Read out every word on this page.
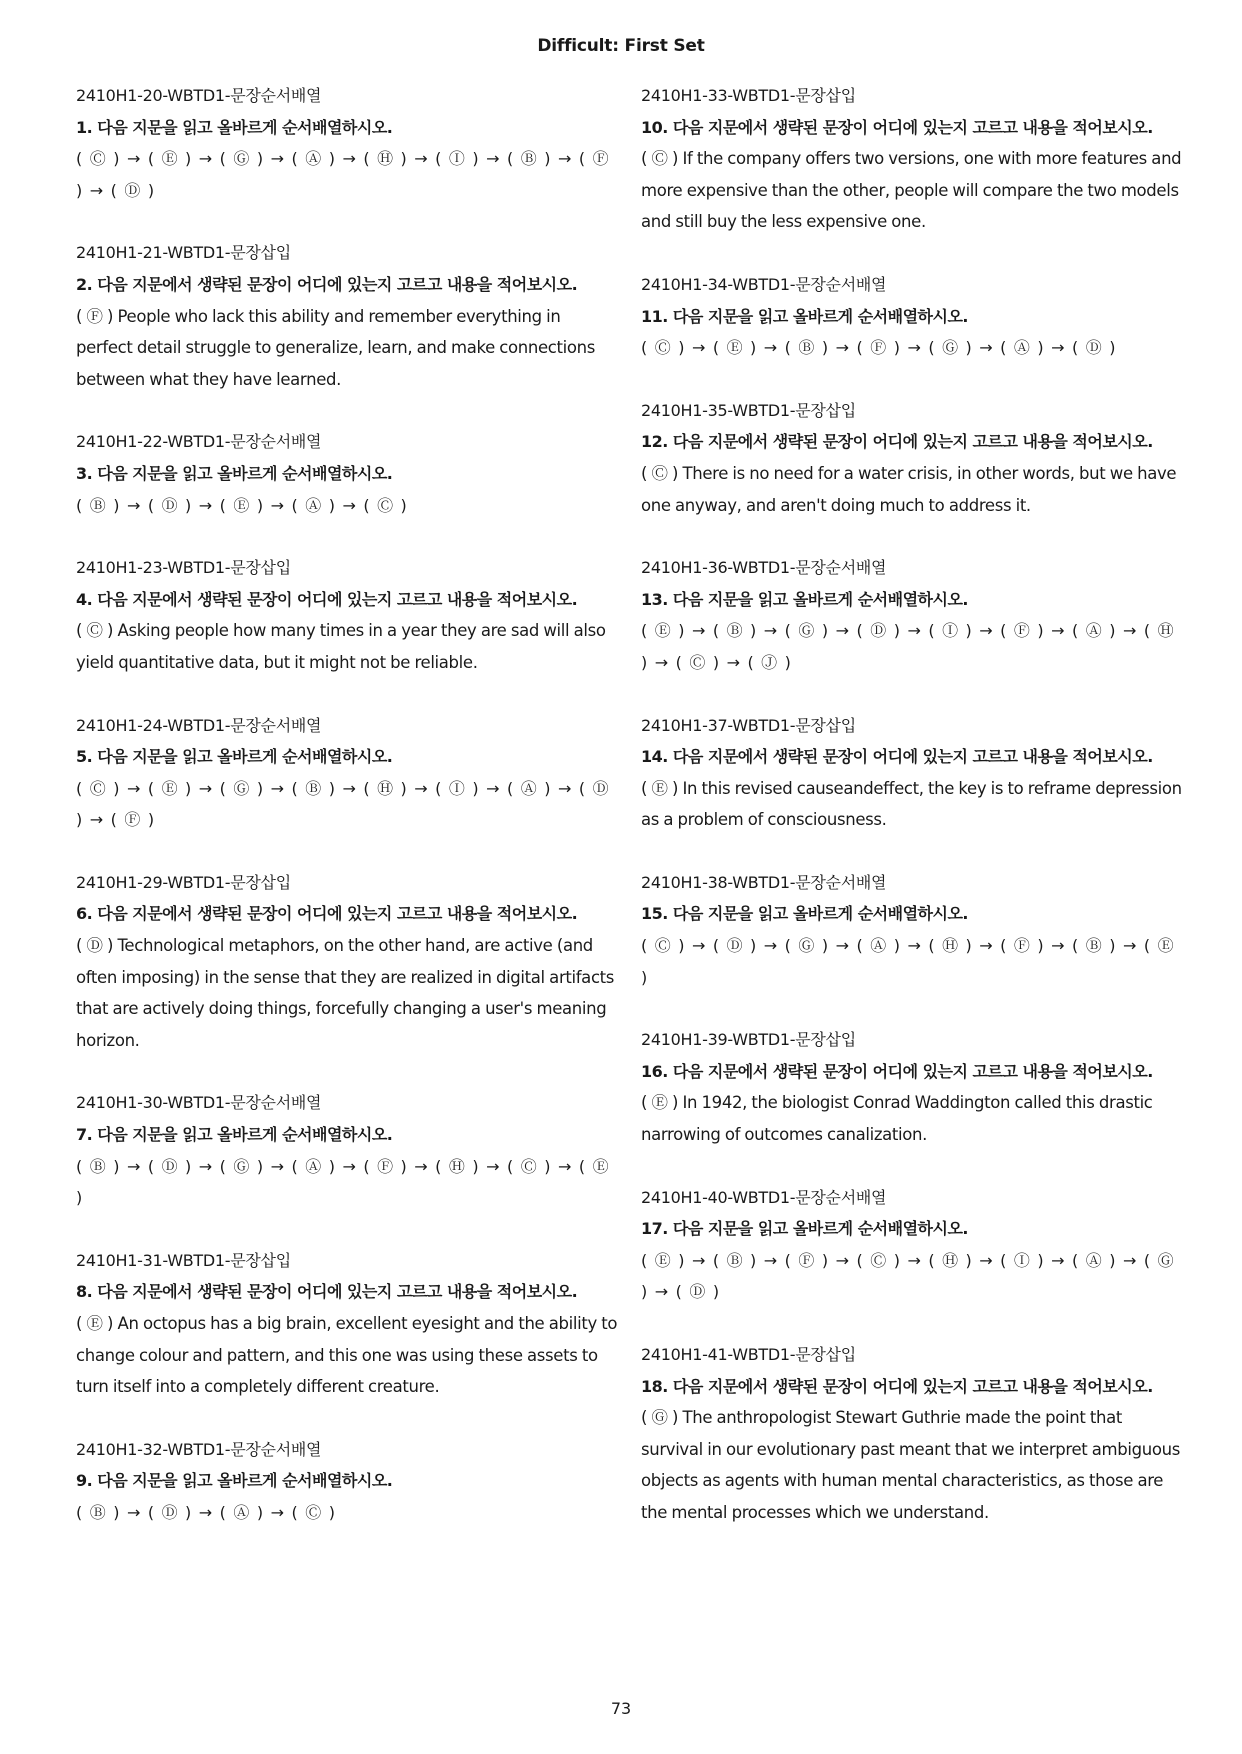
Difficult: First Set
2410H1-20-WBTD1-문장순서배열
1. 다음 지문을 읽고 올바르게 순서배열하시오.
( Ⓒ ) → ( Ⓔ ) → ( Ⓖ ) → ( Ⓐ ) → ( Ⓗ ) → ( Ⓘ ) → ( Ⓑ ) → ( Ⓕ ) → ( Ⓓ )
2410H1-21-WBTD1-문장삽입
2. 다음 지문에서 생략된 문장이 어디에 있는지 고르고 내용을 적어보시오.
( Ⓕ ) People who lack this ability and remember everything in perfect detail struggle to generalize, learn, and make connections between what they have learned.
2410H1-22-WBTD1-문장순서배열
3. 다음 지문을 읽고 올바르게 순서배열하시오.
( Ⓑ ) → ( Ⓓ ) → ( Ⓔ ) → ( Ⓐ ) → ( Ⓒ )
2410H1-23-WBTD1-문장삽입
4. 다음 지문에서 생략된 문장이 어디에 있는지 고르고 내용을 적어보시오.
( Ⓒ ) Asking people how many times in a year they are sad will also yield quantitative data, but it might not be reliable.
2410H1-24-WBTD1-문장순서배열
5. 다음 지문을 읽고 올바르게 순서배열하시오.
( Ⓒ ) → ( Ⓔ ) → ( Ⓖ ) → ( Ⓑ ) → ( Ⓗ ) → ( Ⓘ ) → ( Ⓐ ) → ( Ⓓ ) → ( Ⓕ )
2410H1-29-WBTD1-문장삽입
6. 다음 지문에서 생략된 문장이 어디에 있는지 고르고 내용을 적어보시오.
( Ⓓ ) Technological metaphors, on the other hand, are active (and often imposing) in the sense that they are realized in digital artifacts that are actively doing things, forcefully changing a user's meaning horizon.
2410H1-30-WBTD1-문장순서배열
7. 다음 지문을 읽고 올바르게 순서배열하시오.
( Ⓑ ) → ( Ⓓ ) → ( Ⓖ ) → ( Ⓐ ) → ( Ⓕ ) → ( Ⓗ ) → ( Ⓒ ) → ( Ⓔ )
2410H1-31-WBTD1-문장삽입
8. 다음 지문에서 생략된 문장이 어디에 있는지 고르고 내용을 적어보시오.
( Ⓔ ) An octopus has a big brain, excellent eyesight and the ability to change colour and pattern, and this one was using these assets to turn itself into a completely different creature.
2410H1-32-WBTD1-문장순서배열
9. 다음 지문을 읽고 올바르게 순서배열하시오.
( Ⓑ ) → ( Ⓓ ) → ( Ⓐ ) → ( Ⓒ )
2410H1-33-WBTD1-문장삽입
10. 다음 지문에서 생략된 문장이 어디에 있는지 고르고 내용을 적어보시오.
( Ⓒ ) If the company offers two versions, one with more features and more expensive than the other, people will compare the two models and still buy the less expensive one.
2410H1-34-WBTD1-문장순서배열
11. 다음 지문을 읽고 올바르게 순서배열하시오.
( Ⓒ ) → ( Ⓔ ) → ( Ⓑ ) → ( Ⓕ ) → ( Ⓖ ) → ( Ⓐ ) → ( Ⓓ )
2410H1-35-WBTD1-문장삽입
12. 다음 지문에서 생략된 문장이 어디에 있는지 고르고 내용을 적어보시오.
( Ⓒ ) There is no need for a water crisis, in other words, but we have one anyway, and aren't doing much to address it.
2410H1-36-WBTD1-문장순서배열
13. 다음 지문을 읽고 올바르게 순서배열하시오.
( Ⓔ ) → ( Ⓑ ) → ( Ⓖ ) → ( Ⓓ ) → ( Ⓘ ) → ( Ⓕ ) → ( Ⓐ ) → ( Ⓗ ) → ( Ⓒ ) → ( Ⓙ )
2410H1-37-WBTD1-문장삽입
14. 다음 지문에서 생략된 문장이 어디에 있는지 고르고 내용을 적어보시오.
( Ⓔ ) In this revised causeandeffect, the key is to reframe depression as a problem of consciousness.
2410H1-38-WBTD1-문장순서배열
15. 다음 지문을 읽고 올바르게 순서배열하시오.
( Ⓒ ) → ( Ⓓ ) → ( Ⓖ ) → ( Ⓐ ) → ( Ⓗ ) → ( Ⓕ ) → ( Ⓑ ) → ( Ⓔ )
2410H1-39-WBTD1-문장삽입
16. 다음 지문에서 생략된 문장이 어디에 있는지 고르고 내용을 적어보시오.
( Ⓔ ) In 1942, the biologist Conrad Waddington called this drastic narrowing of outcomes canalization.
2410H1-40-WBTD1-문장순서배열
17. 다음 지문을 읽고 올바르게 순서배열하시오.
( Ⓔ ) → ( Ⓑ ) → ( Ⓕ ) → ( Ⓒ ) → ( Ⓗ ) → ( Ⓘ ) → ( Ⓐ ) → ( Ⓖ ) → ( Ⓓ )
2410H1-41-WBTD1-문장삽입
18. 다음 지문에서 생략된 문장이 어디에 있는지 고르고 내용을 적어보시오.
( Ⓖ ) The anthropologist Stewart Guthrie made the point that survival in our evolutionary past meant that we interpret ambiguous objects as agents with human mental characteristics, as those are the mental processes which we understand.
73
